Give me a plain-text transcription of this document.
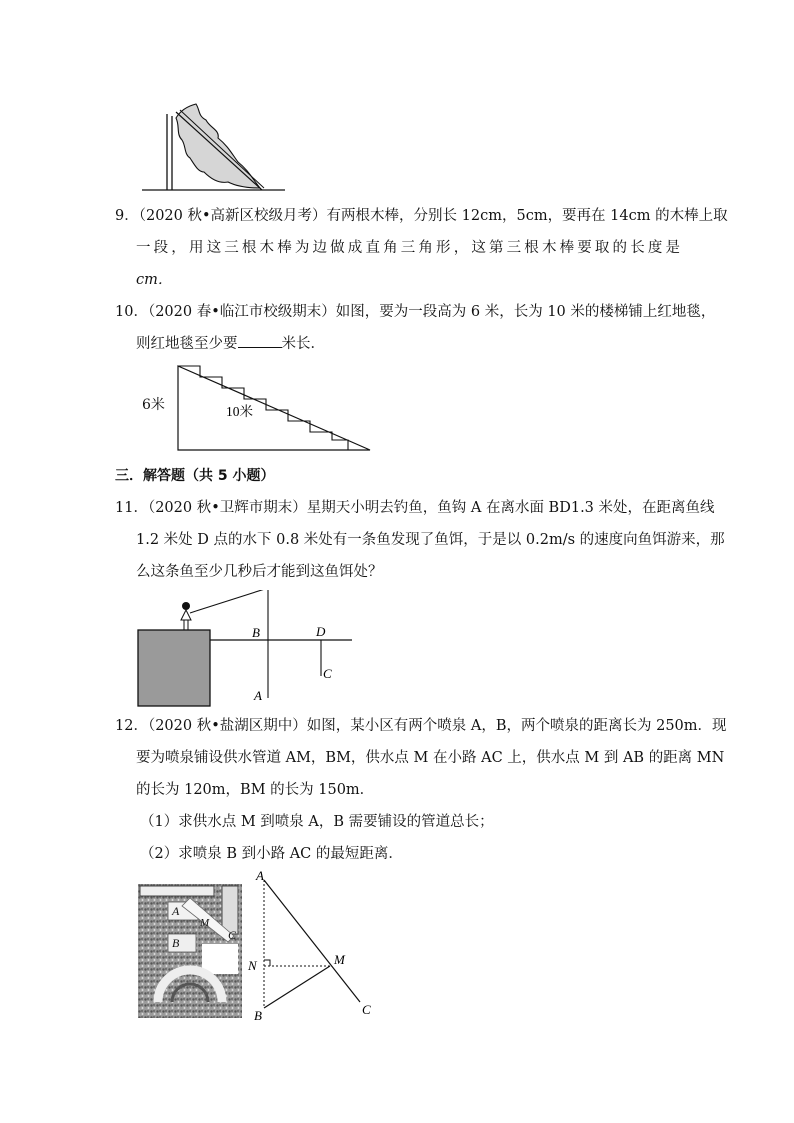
9．（2020 秋•高新区校级月考）有两根木棒，分别长 12cm，5cm，要再在 14cm 的木棒上取
一段，用这三根木棒为边做成直角三角形，这第三根木棒要取的长度是
cm．
10．（2020 春•临江市校级期末）如图，要为一段高为 6 米，长为 10 米的楼梯铺上红地毯，
则红地毯至少要	米长．
6米	10米
三．解答题（共 5 小题）
11．（2020 秋•卫辉市期末）星期天小明去钓鱼，鱼钩 A 在离水面 BD1.3 米处，在距离鱼线
1.2 米处 D 点的水下 0.8 米处有一条鱼发现了鱼饵，于是以 0.2m/s 的速度向鱼饵游来，那
么这条鱼至少几秒后才能到这鱼饵处？
B	D
C
A
12．（2020 秋•盐湖区期中）如图，某小区有两个喷泉 A，B，两个喷泉的距离长为 250m．现
要为喷泉铺设供水管道 AM，BM，供水点 M 在小路 AC 上，供水点 M 到 AB 的距离 MN
的长为 120m，BM 的长为 150m．
（1）求供水点 M 到喷泉 A，B 需要铺设的管道总长；
（2）求喷泉 B 到小路 AC 的最短距离．
A
M
C
B
A
N	M
B	C
